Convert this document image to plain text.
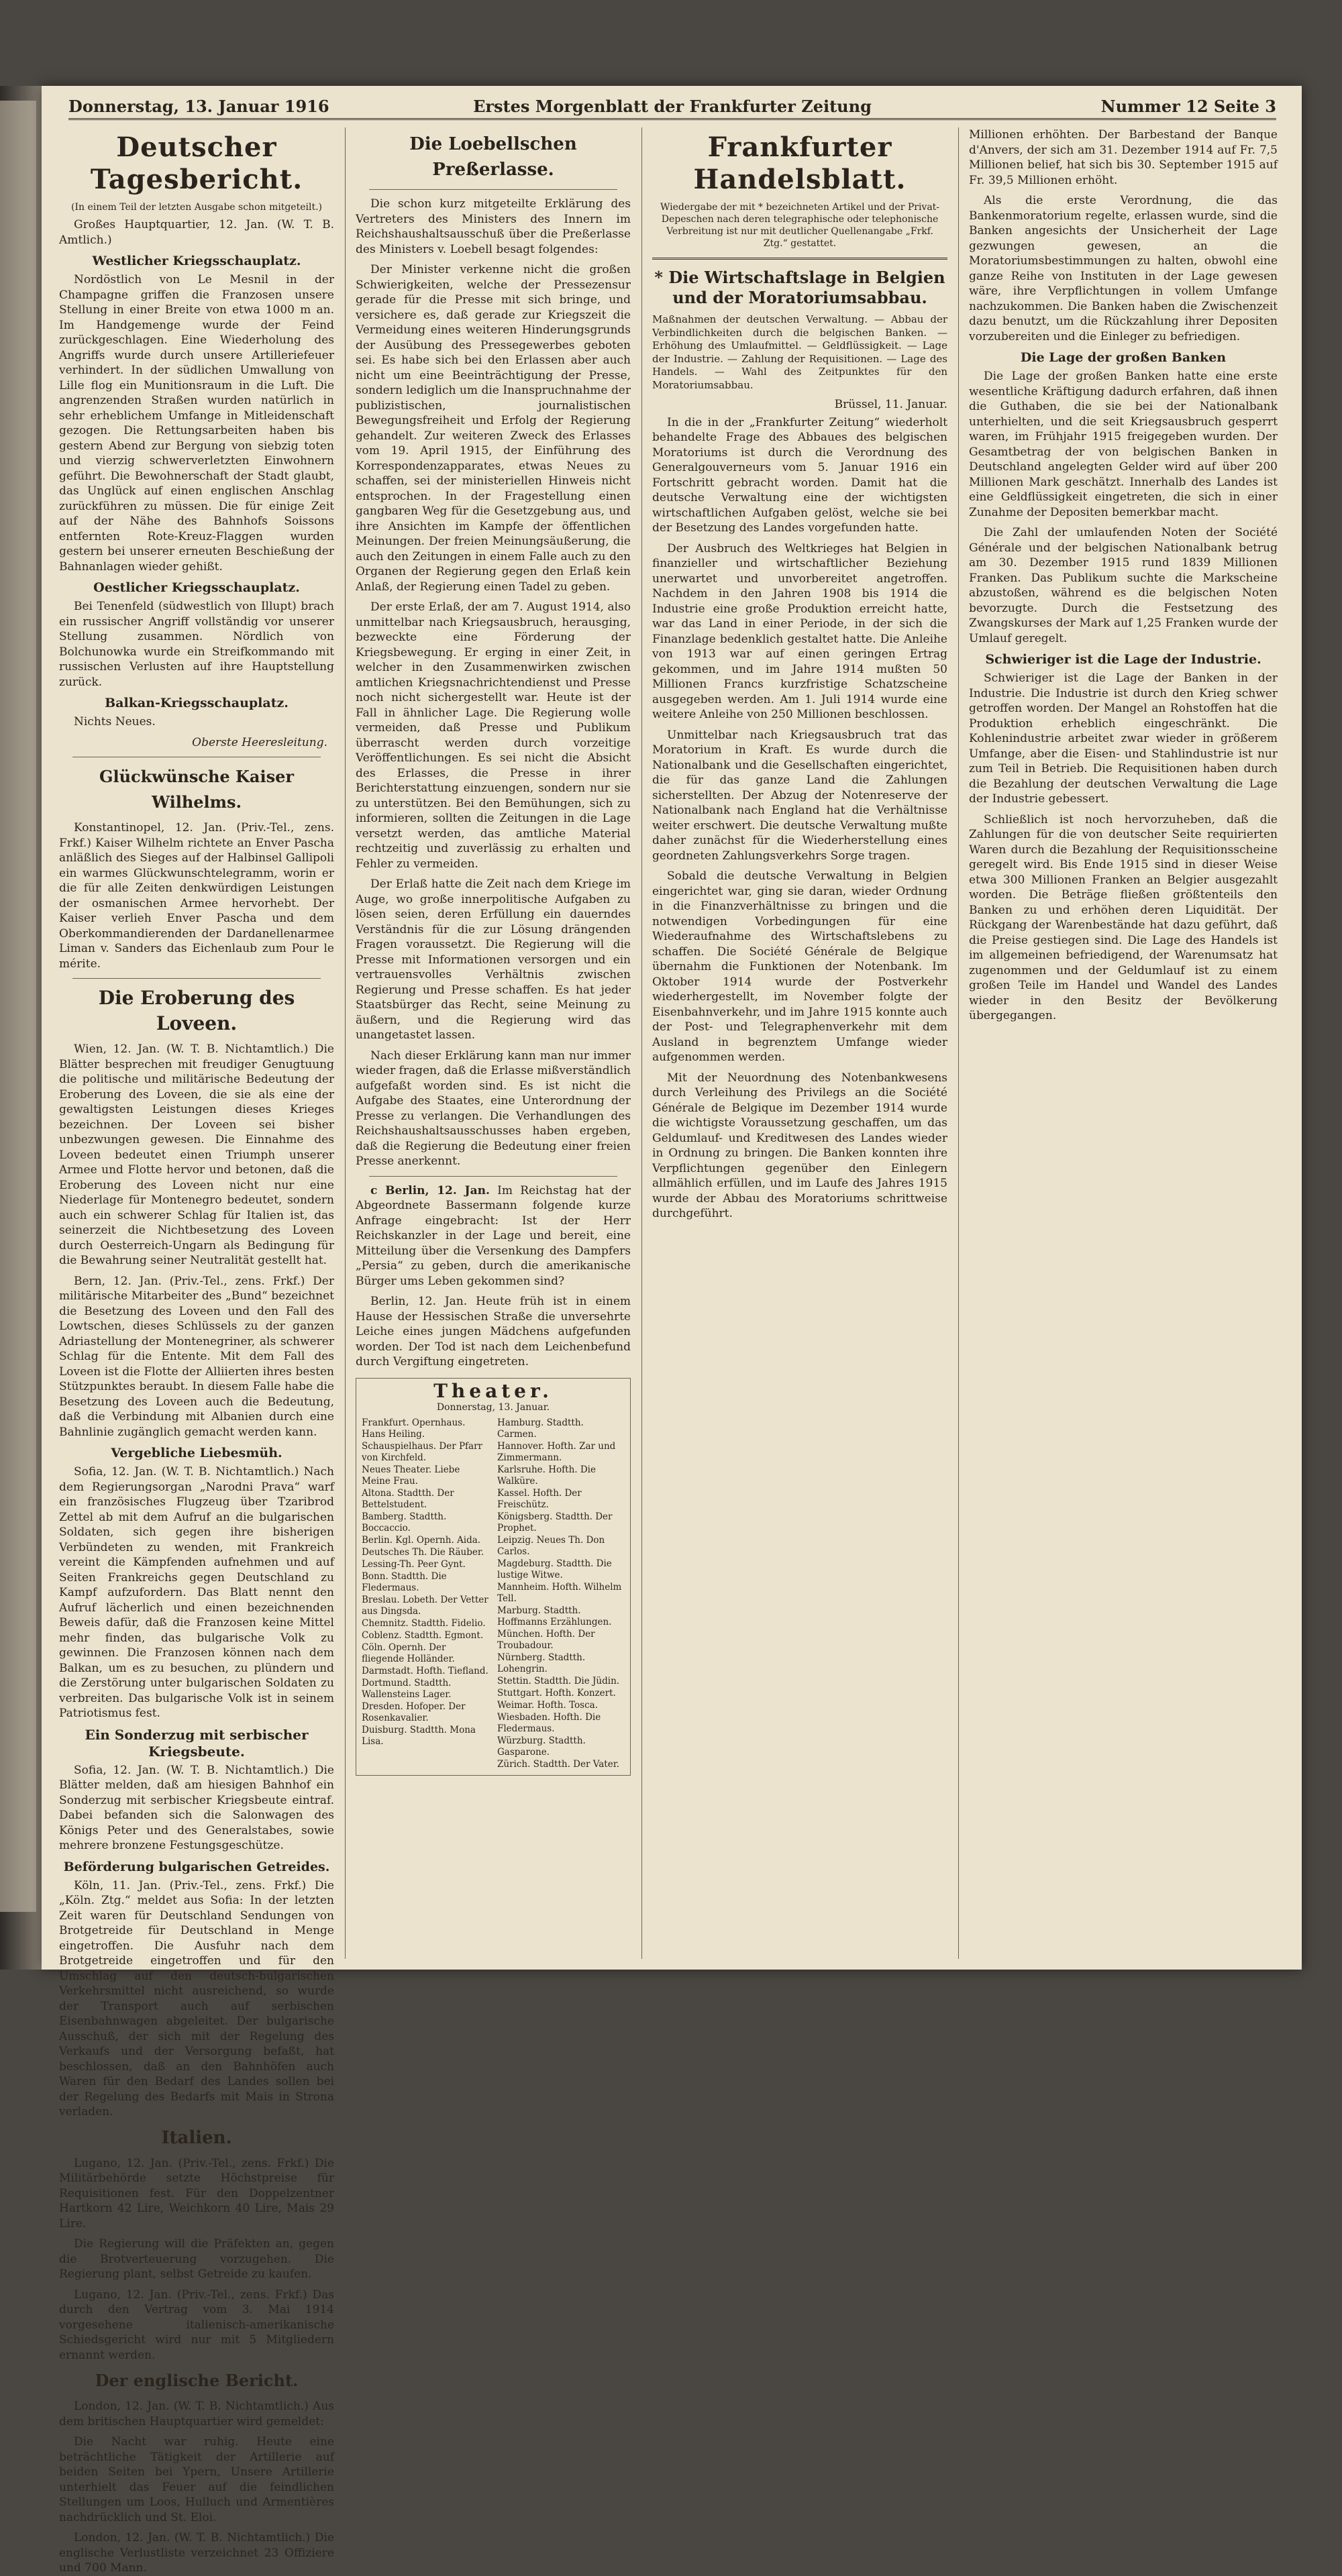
Donnerstag, 13. Januar 1916	Erstes Morgenblatt der Frankfurter Zeitung	Nummer 12 Seite 3
Deutscher Tagesbericht.
(In einem Teil der letzten Ausgabe schon mitgeteilt.)

Großes Hauptquartier, 12. Jan. (W. T. B. Amtlich.)

Westlicher Kriegsschauplatz.

Nordöstlich von Le Mesnil in der Champagne griffen die Franzosen unsere Stellung in einer Breite von etwa 1000 m an. Im Handgemenge wurde der Feind zurückgeschlagen. Eine Wiederholung des Angriffs wurde durch unsere Artilleriefeuer verhindert. In der südlichen Umwallung von Lille flog ein Munitionsraum in die Luft. Die angrenzenden Straßen wurden natürlich in sehr erheblichem Umfange in Mitleidenschaft gezogen. Die Rettungsarbeiten haben bis gestern Abend zur Bergung von siebzig toten und vierzig schwerverletzten Einwohnern geführt. Die Bewohnerschaft der Stadt glaubt, das Unglück auf einen englischen Anschlag zurückführen zu müssen. Die für einige Zeit auf der Nähe des Bahnhofs Soissons entfernten Rote-Kreuz-Flaggen wurden gestern bei unserer erneuten Beschießung der Bahnanlagen wieder gehißt.

Oestlicher Kriegsschauplatz.

Bei Tenenfeld (südwestlich von Illupt) brach ein russischer Angriff vollständig vor unserer Stellung zusammen. Nördlich von Bolchunowka wurde ein Streifkommando mit russischen Verlusten auf ihre Hauptstellung zurück.

Balkan-Kriegsschauplatz.

Nichts Neues.

Oberste Heeresleitung.
Glückwünsche Kaiser Wilhelms.

Konstantinopel, 12. Jan. (Priv.-Tel., zens. Frkf.) Kaiser Wilhelm richtete an Enver Pascha anläßlich des Sieges auf der Halbinsel Gallipoli ein warmes Glückwunschtelegramm, worin er die für alle Zeiten denkwürdigen Leistungen der osmanischen Armee hervorhebt. Der Kaiser verlieh Enver Pascha und dem Oberkommandierenden der Dardanellenarmee Liman v. Sanders das Eichenlaub zum Pour le mérite.

Die Eroberung des Loveen.

Wien, 12. Jan. (W. T. B. Nichtamtlich.) Die Blätter besprechen mit freudiger Genugtuung die politische und militärische Bedeutung der Eroberung des Loveen, die sie als eine der gewaltigsten Leistungen dieses Krieges bezeichnen. Der Loveen sei bisher unbezwungen gewesen. Die Einnahme des Loveen bedeutet einen Triumph unserer Armee und Flotte hervor und betonen, daß die Eroberung des Loveen nicht nur eine Niederlage für Montenegro bedeutet, sondern auch ein schwerer Schlag für Italien ist, das seinerzeit die Nichtbesetzung des Loveen durch Oesterreich-Ungarn als Bedingung für die Bewahrung seiner Neutralität gestellt hat.

Bern, 12. Jan. (Priv.-Tel., zens. Frkf.) Der militärische Mitarbeiter des „Bund“ bezeichnet die Besetzung des Loveen und den Fall des Lowtschen, dieses Schlüssels zu der ganzen Adriastellung der Montenegriner, als schwerer Schlag für die Entente. Mit dem Fall des Loveen ist die Flotte der Alliierten ihres besten Stützpunktes beraubt. In diesem Falle habe die Besetzung des Loveen auch die Bedeutung, daß die Verbindung mit Albanien durch eine Bahnlinie zugänglich gemacht werden kann.

Vergebliche Liebesmüh.

Sofia, 12. Jan. (W. T. B. Nichtamtlich.) Nach dem Regierungsorgan „Narodni Prava“ warf ein französisches Flugzeug über Tzaribrod Zettel ab mit dem Aufruf an die bulgarischen Soldaten, sich gegen ihre bisherigen Verbündeten zu wenden, mit Frankreich vereint die Kämpfenden aufnehmen und auf Seiten Frankreichs gegen Deutschland zu Kampf aufzufordern. Das Blatt nennt den Aufruf lächerlich und einen bezeichnenden Beweis dafür, daß die Franzosen keine Mittel mehr finden, das bulgarische Volk zu gewinnen. Die Franzosen können nach dem Balkan, um es zu besuchen, zu plündern und die Zerstörung unter bulgarischen Soldaten zu verbreiten. Das bulgarische Volk ist in seinem Patriotismus fest.

Ein Sonderzug mit serbischer Kriegsbeute.

Sofia, 12. Jan. (W. T. B. Nichtamtlich.) Die Blätter melden, daß am hiesigen Bahnhof ein Sonderzug mit serbischer Kriegsbeute eintraf. Dabei befanden sich die Salonwagen des Königs Peter und des Generalstabes, sowie mehrere bronzene Festungsgeschütze.

Beförderung bulgarischen Getreides.

Köln, 11. Jan. (Priv.-Tel., zens. Frkf.) Die „Köln. Ztg.“ meldet aus Sofia: In der letzten Zeit waren für Deutschland Sendungen von Brotgetreide für Deutschland in Menge eingetroffen. Die Ausfuhr nach dem Brotgetreide eingetroffen und für den Umschlag auf den deutsch-bulgarischen Verkehrsmittel nicht ausreichend, so wurde der Transport auch auf serbischen Eisenbahnwagen abgeleitet. Der bulgarische Ausschuß, der sich mit der Regelung des Verkaufs und der Versorgung befaßt, hat beschlossen, daß an den Bahnhöfen auch Waren für den Bedarf des Landes sollen bei der Regelung des Bedarfs mit Mais in Strona verladen.

Italien.

Lugano, 12. Jan. (Priv.-Tel., zens. Frkf.) Die Militärbehörde setzte Höchstpreise für Requisitionen fest. Für den Doppelzentner Hartkorn 42 Lire, Weichkorn 40 Lire, Mais 29 Lire.

Die Regierung will die Präfekten an, gegen die Brotverteuerung vorzugehen. Die Regierung plant, selbst Getreide zu kaufen.

Lugano, 12. Jan. (Priv.-Tel., zens. Frkf.) Das durch den Vertrag vom 3. Mai 1914 vorgesehene italienisch-amerikanische Schiedsgericht wird nur mit 5 Mitgliedern ernannt werden.

Der englische Bericht.

London, 12. Jan. (W. T. B. Nichtamtlich.) Aus dem britischen Hauptquartier wird gemeldet:

Die Nacht war ruhig. Heute eine beträchtliche Tätigkeit der Artillerie auf beiden Seiten bei Ypern, Unsere Artillerie unterhielt das Feuer auf die feindlichen Stellungen um Loos, Hulluch und Armentières nachdrücklich und St. Eloi.

London, 12. Jan. (W. T. B. Nichtamtlich.) Die englische Verlustliste verzeichnet 23 Offiziere und 700 Mann.

Die Loebellschen Preßerlasse.

Die schon kurz mitgeteilte Erklärung des Vertreters des Ministers des Innern im Reichshaushaltsausschuß über die Preßerlasse des Ministers v. Loebell besagt folgendes:

Der Minister verkenne nicht die großen Schwierigkeiten, welche der Pressezensur gerade für die Presse mit sich bringe, und versichere es, daß gerade zur Kriegszeit die Vermeidung eines weiteren Hinderungsgrunds der Ausübung des Pressegewerbes geboten sei. Es habe sich bei den Erlassen aber auch nicht um eine Beeinträchtigung der Presse, sondern lediglich um die Inanspruchnahme der publizistischen, journalistischen Bewegungsfreiheit und Erfolg der Regierung gehandelt. Zur weiteren Zweck des Erlasses vom 19. April 1915, der Einführung des Korrespondenzapparates, etwas Neues zu schaffen, sei der ministeriellen Hinweis nicht entsprochen. In der Fragestellung einen gangbaren Weg für die Gesetzgebung aus, und ihre Ansichten im Kampfe der öffentlichen Meinungen. Der freien Meinungsäußerung, die auch den Zeitungen in einem Falle auch zu den Organen der Regierung gegen den Erlaß kein Anlaß, der Regierung einen Tadel zu geben.

Der erste Erlaß, der am 7. August 1914, also unmittelbar nach Kriegsausbruch, herausging, bezweckte eine Förderung der Kriegsbewegung. Er erging in einer Zeit, in welcher in den Zusammenwirken zwischen amtlichen Kriegsnachrichtendienst und Presse noch nicht sichergestellt war. Heute ist der Fall in ähnlicher Lage. Die Regierung wolle vermeiden, daß Presse und Publikum überrascht werden durch vorzeitige Veröffentlichungen. Es sei nicht die Absicht des Erlasses, die Presse in ihrer Berichterstattung einzuengen, sondern nur sie zu unterstützen. Bei den Bemühungen, sich zu informieren, sollten die Zeitungen in die Lage versetzt werden, das amtliche Material rechtzeitig und zuverlässig zu erhalten und Fehler zu vermeiden.

Der Erlaß hatte die Zeit nach dem Kriege im Auge, wo große innerpolitische Aufgaben zu lösen seien, deren Erfüllung ein dauerndes Verständnis für die zur Lösung drängenden Fragen voraussetzt. Die Regierung will die Presse mit Informationen versorgen und ein vertrauensvolles Verhältnis zwischen Regierung und Presse schaffen. Es hat jeder Staatsbürger das Recht, seine Meinung zu äußern, und die Regierung wird das unangetastet lassen.

Nach dieser Erklärung kann man nur immer wieder fragen, daß die Erlasse mißverständlich aufgefaßt worden sind. Es ist nicht die Aufgabe des Staates, eine Unterordnung der Presse zu verlangen. Die Verhandlungen des Reichshaushaltsausschusses haben ergeben, daß die Regierung die Bedeutung einer freien Presse anerkennt.

c Berlin, 12. Jan. Im Reichstag hat der Abgeordnete Bassermann folgende kurze Anfrage eingebracht: Ist der Herr Reichskanzler in der Lage und bereit, eine Mitteilung über die Versenkung des Dampfers „Persia“ zu geben, durch die amerikanische Bürger ums Leben gekommen sind?

Berlin, 12. Jan. Heute früh ist in einem Hause der Hessischen Straße die unversehrte Leiche eines jungen Mädchens aufgefunden worden. Der Tod ist nach dem Leichenbefund durch Vergiftung eingetreten.

Theater.
Donnerstag, 13. Januar.

Frankfurt. Opernhaus. Hans Heiling.

Schauspielhaus. Der Pfarr von Kirchfeld.

Neues Theater. Liebe Meine Frau.

Altona. Stadtth. Der Bettelstudent.

Bamberg. Stadtth. Boccaccio.

Berlin. Kgl. Opernh. Aida.

Deutsches Th. Die Räuber.

Lessing-Th. Peer Gynt.

Bonn. Stadtth. Die Fledermaus.

Breslau. Lobeth. Der Vetter aus Dingsda.

Chemnitz. Stadtth. Fidelio.

Coblenz. Stadtth. Egmont.

Cöln. Opernh. Der fliegende Holländer.

Darmstadt. Hofth. Tiefland.

Dortmund. Stadtth. Wallensteins Lager.

Dresden. Hofoper. Der Rosenkavalier.

Duisburg. Stadtth. Mona Lisa.

Hamburg. Stadtth. Carmen.

Hannover. Hofth. Zar und Zimmermann.

Karlsruhe. Hofth. Die Walküre.

Kassel. Hofth. Der Freischütz.

Königsberg. Stadtth. Der Prophet.

Leipzig. Neues Th. Don Carlos.

Magdeburg. Stadtth. Die lustige Witwe.

Mannheim. Hofth. Wilhelm Tell.

Marburg. Stadtth. Hoffmanns Erzählungen.

München. Hofth. Der Troubadour.

Nürnberg. Stadtth. Lohengrin.

Stettin. Stadtth. Die Jüdin.

Stuttgart. Hofth. Konzert.

Weimar. Hofth. Tosca.

Wiesbaden. Hofth. Die Fledermaus.

Würzburg. Stadtth. Gasparone.

Zürich. Stadtth. Der Vater.

Frankfurter Handelsblatt.
Wiedergabe der mit * bezeichneten Artikel und der Privat-Depeschen nach deren telegraphische oder telephonische Verbreitung ist nur mit deutlicher Quellenangabe „Frkf. Ztg.“ gestattet.
* Die Wirtschaftslage in Belgien und der Moratoriumsabbau.

Maßnahmen der deutschen Verwaltung. — Abbau der Verbindlichkeiten durch die belgischen Banken. — Erhöhung des Umlaufmittel. — Geldflüssigkeit. — Lage der Industrie. — Zahlung der Requisitionen. — Lage des Handels. — Wahl des Zeitpunktes für den Moratoriumsabbau.

Brüssel, 11. Januar.

In die in der „Frankfurter Zeitung“ wiederholt behandelte Frage des Abbaues des belgischen Moratoriums ist durch die Verordnung des Generalgouverneurs vom 5. Januar 1916 ein Fortschritt gebracht worden. Damit hat die deutsche Verwaltung eine der wichtigsten wirtschaftlichen Aufgaben gelöst, welche sie bei der Besetzung des Landes vorgefunden hatte.

Der Ausbruch des Weltkrieges hat Belgien in finanzieller und wirtschaftlicher Beziehung unerwartet und unvorbereitet angetroffen. Nachdem in den Jahren 1908 bis 1914 die Industrie eine große Produktion erreicht hatte, war das Land in einer Periode, in der sich die Finanzlage bedenklich gestaltet hatte. Die Anleihe von 1913 war auf einen geringen Ertrag gekommen, und im Jahre 1914 mußten 50 Millionen Francs kurzfristige Schatzscheine ausgegeben werden. Am 1. Juli 1914 wurde eine weitere Anleihe von 250 Millionen beschlossen.

Unmittelbar nach Kriegsausbruch trat das Moratorium in Kraft. Es wurde durch die Nationalbank und die Gesellschaften eingerichtet, die für das ganze Land die Zahlungen sicherstellten. Der Abzug der Notenreserve der Nationalbank nach England hat die Verhältnisse weiter erschwert. Die deutsche Verwaltung mußte daher zunächst für die Wiederherstellung eines geordneten Zahlungsverkehrs Sorge tragen.

Sobald die deutsche Verwaltung in Belgien eingerichtet war, ging sie daran, wieder Ordnung in die Finanzverhältnisse zu bringen und die notwendigen Vorbedingungen für eine Wiederaufnahme des Wirtschaftslebens zu schaffen. Die Société Générale de Belgique übernahm die Funktionen der Notenbank. Im Oktober 1914 wurde der Postverkehr wiederhergestellt, im November folgte der Eisenbahnverkehr, und im Jahre 1915 konnte auch der Post- und Telegraphenverkehr mit dem Ausland in begrenztem Umfange wieder aufgenommen werden.

Mit der Neuordnung des Notenbankwesens durch Verleihung des Privilegs an die Société Générale de Belgique im Dezember 1914 wurde die wichtigste Voraussetzung geschaffen, um das Geldumlauf- und Kreditwesen des Landes wieder in Ordnung zu bringen. Die Banken konnten ihre Verpflichtungen gegenüber den Einlegern allmählich erfüllen, und im Laufe des Jahres 1915 wurde der Abbau des Moratoriums schrittweise durchgeführt.

Millionen erhöhten. Der Barbestand der Banque d'Anvers, der sich am 31. Dezember 1914 auf Fr. 7,5 Millionen belief, hat sich bis 30. September 1915 auf Fr. 39,5 Millionen erhöht.

Als die erste Verordnung, die das Bankenmoratorium regelte, erlassen wurde, sind die Banken angesichts der Unsicherheit der Lage gezwungen gewesen, an die Moratoriumsbestimmungen zu halten, obwohl eine ganze Reihe von Instituten in der Lage gewesen wäre, ihre Verpflichtungen in vollem Umfange nachzukommen. Die Banken haben die Zwischenzeit dazu benutzt, um die Rückzahlung ihrer Depositen vorzubereiten und die Einleger zu befriedigen.

Die Lage der großen Banken

Die Lage der großen Banken hatte eine erste wesentliche Kräftigung dadurch erfahren, daß ihnen die Guthaben, die sie bei der Nationalbank unterhielten, und die seit Kriegsausbruch gesperrt waren, im Frühjahr 1915 freigegeben wurden. Der Gesamtbetrag der von belgischen Banken in Deutschland angelegten Gelder wird auf über 200 Millionen Mark geschätzt. Innerhalb des Landes ist eine Geldflüssigkeit eingetreten, die sich in einer Zunahme der Depositen bemerkbar macht.

Die Zahl der umlaufenden Noten der Société Générale und der belgischen Nationalbank betrug am 30. Dezember 1915 rund 1839 Millionen Franken. Das Publikum suchte die Markscheine abzustoßen, während es die belgischen Noten bevorzugte. Durch die Festsetzung des Zwangskurses der Mark auf 1,25 Franken wurde der Umlauf geregelt.

Schwieriger ist die Lage der Industrie.

Schwieriger ist die Lage der Banken in der Industrie. Die Industrie ist durch den Krieg schwer getroffen worden. Der Mangel an Rohstoffen hat die Produktion erheblich eingeschränkt. Die Kohlenindustrie arbeitet zwar wieder in größerem Umfange, aber die Eisen- und Stahlindustrie ist nur zum Teil in Betrieb. Die Requisitionen haben durch die Bezahlung der deutschen Verwaltung die Lage der Industrie gebessert.

Schließlich ist noch hervorzuheben, daß die Zahlungen für die von deutscher Seite requirierten Waren durch die Bezahlung der Requisitionsscheine geregelt wird. Bis Ende 1915 sind in dieser Weise etwa 300 Millionen Franken an Belgier ausgezahlt worden. Die Beträge fließen größtenteils den Banken zu und erhöhen deren Liquidität. Der Rückgang der Warenbestände hat dazu geführt, daß die Preise gestiegen sind. Die Lage des Handels ist im allgemeinen befriedigend, der Warenumsatz hat zugenommen und der Geldumlauf ist zu einem großen Teile im Handel und Wandel des Landes wieder in den Besitz der Bevölkerung übergegangen.
